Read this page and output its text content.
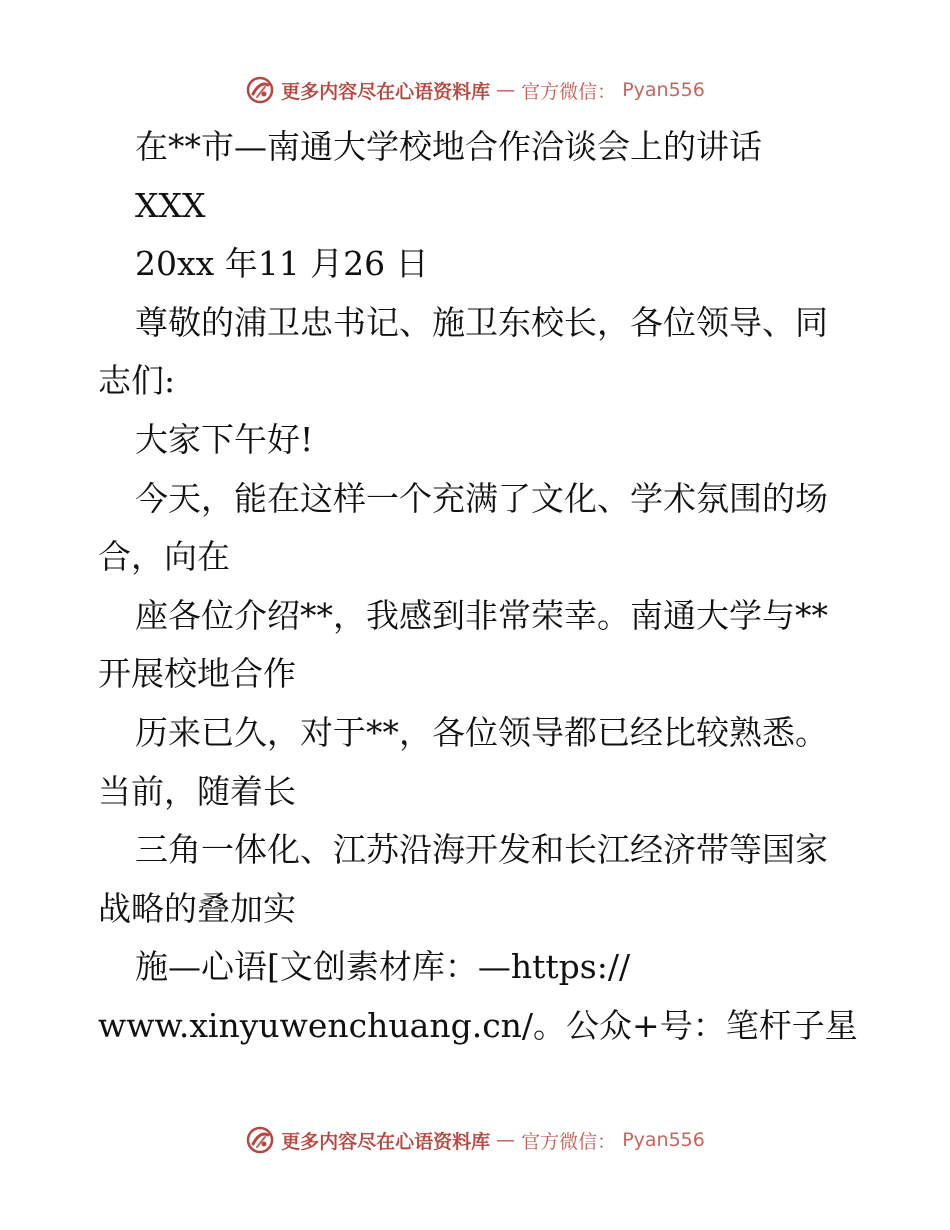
更多内容尽在心语资料库 — 官方微信： Pyan556
在**市—南通大学校地合作洽谈会上的讲话
XXX
20xx 年11 月26 日
尊敬的浦卫忠书记、施卫东校长，各位领导、同
志们:
大家下午好!
今天，能在这样一个充满了文化、学术氛围的场
合，向在
座各位介绍**，我感到非常荣幸。南通大学与**
开展校地合作
历来已久，对于**，各位领导都已经比较熟悉。
当前，随着长
三角一体化、江苏沿海开发和长江经济带等国家
战略的叠加实
施—心语[文创素材库：—https://
www.xinyuwenchuang.cn/。公众+号：笔杆子星
更多内容尽在心语资料库 — 官方微信： Pyan556
